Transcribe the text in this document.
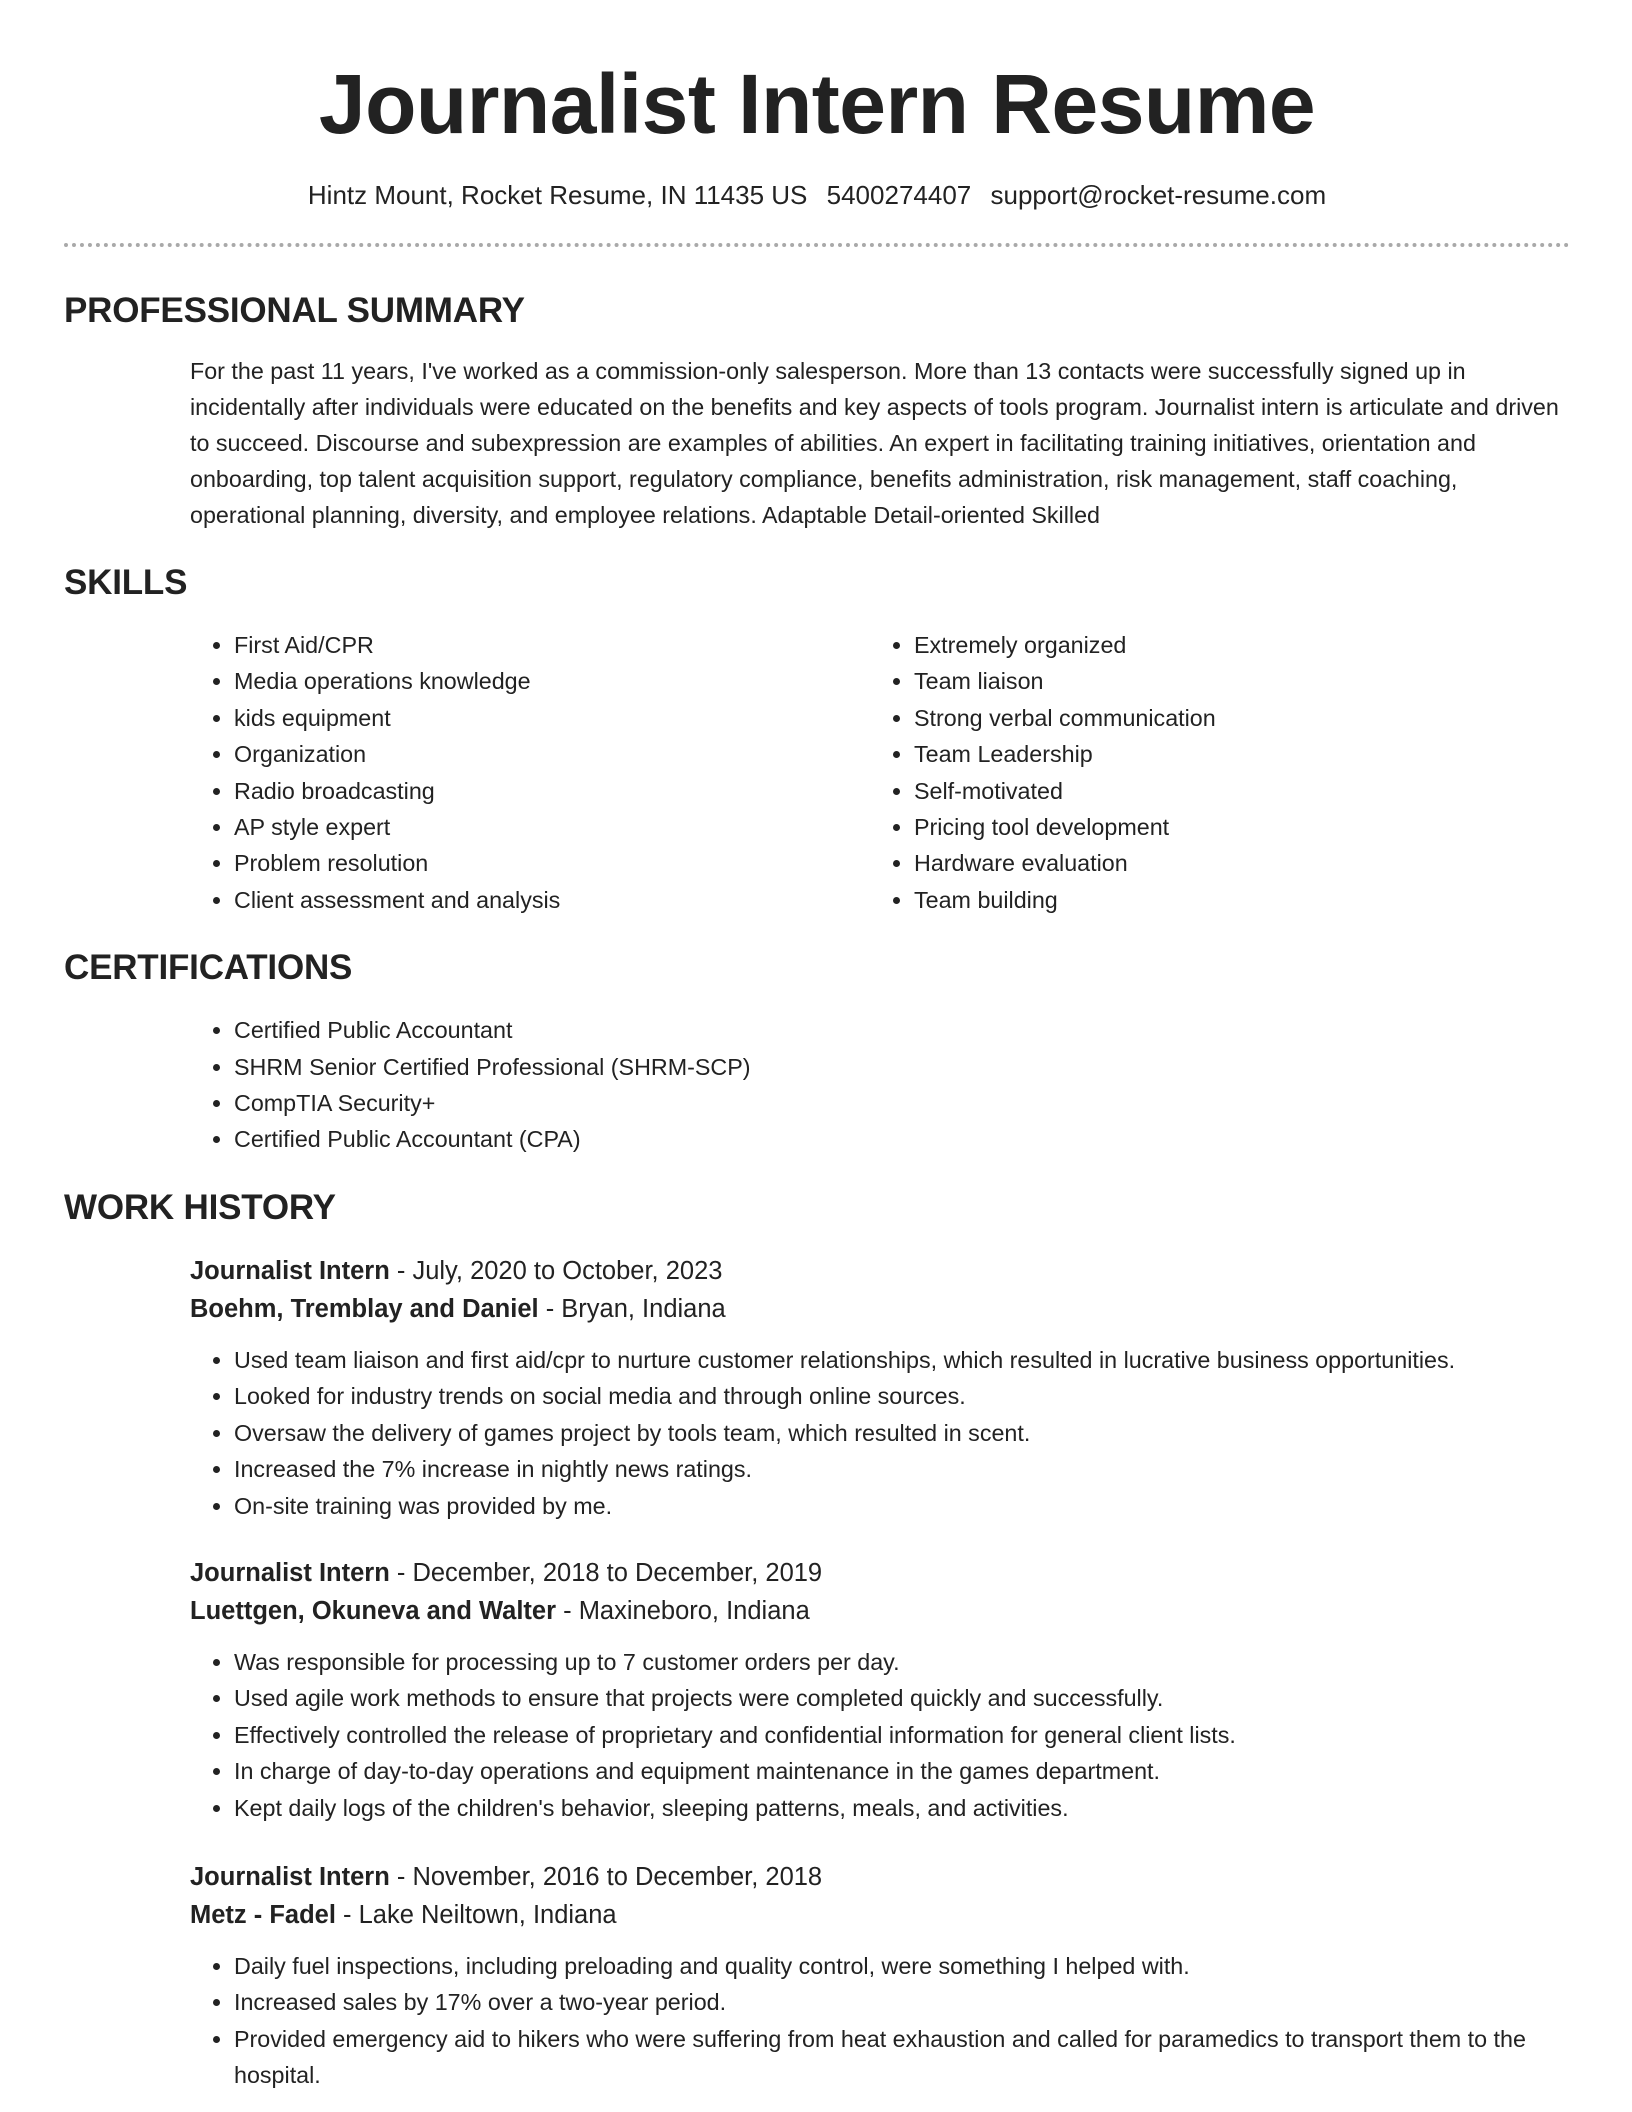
Journalist Intern Resume
Hintz Mount, Rocket Resume, IN 11435 US 5400274407 support@rocket-resume.com
PROFESSIONAL SUMMARY

For the past 11 years, I've worked as a commission-only salesperson. More than 13 contacts were successfully signed up in incidentally after individuals were educated on the benefits and key aspects of tools program. Journalist intern is articulate and driven to succeed. Discourse and subexpression are examples of abilities. An expert in facilitating training initiatives, orientation and onboarding, top talent acquisition support, regulatory compliance, benefits administration, risk management, staff coaching, operational planning, diversity, and employee relations. Adaptable Detail-oriented Skilled

SKILLS
• First Aid/CPR
• Media operations knowledge
• kids equipment
• Organization
• Radio broadcasting
• AP style expert
• Problem resolution
• Client assessment and analysis
• Extremely organized
• Team liaison
• Strong verbal communication
• Team Leadership
• Self-motivated
• Pricing tool development
• Hardware evaluation
• Team building
CERTIFICATIONS
• Certified Public Accountant
• SHRM Senior Certified Professional (SHRM-SCP)
• CompTIA Security+
• Certified Public Accountant (CPA)
WORK HISTORY
Journalist Intern - July, 2020 to October, 2023
Boehm, Tremblay and Daniel - Bryan, Indiana
• Used team liaison and first aid/cpr to nurture customer relationships, which resulted in lucrative business opportunities.
• Looked for industry trends on social media and through online sources.
• Oversaw the delivery of games project by tools team, which resulted in scent.
• Increased the 7% increase in nightly news ratings.
• On-site training was provided by me.
Journalist Intern - December, 2018 to December, 2019
Luettgen, Okuneva and Walter - Maxineboro, Indiana
• Was responsible for processing up to 7 customer orders per day.
• Used agile work methods to ensure that projects were completed quickly and successfully.
• Effectively controlled the release of proprietary and confidential information for general client lists.
• In charge of day-to-day operations and equipment maintenance in the games department.
• Kept daily logs of the children's behavior, sleeping patterns, meals, and activities.
Journalist Intern - November, 2016 to December, 2018
Metz - Fadel - Lake Neiltown, Indiana
• Daily fuel inspections, including preloading and quality control, were something I helped with.
• Increased sales by 17% over a two-year period.
• Provided emergency aid to hikers who were suffering from heat exhaustion and called for paramedics to transport them to the hospital.
